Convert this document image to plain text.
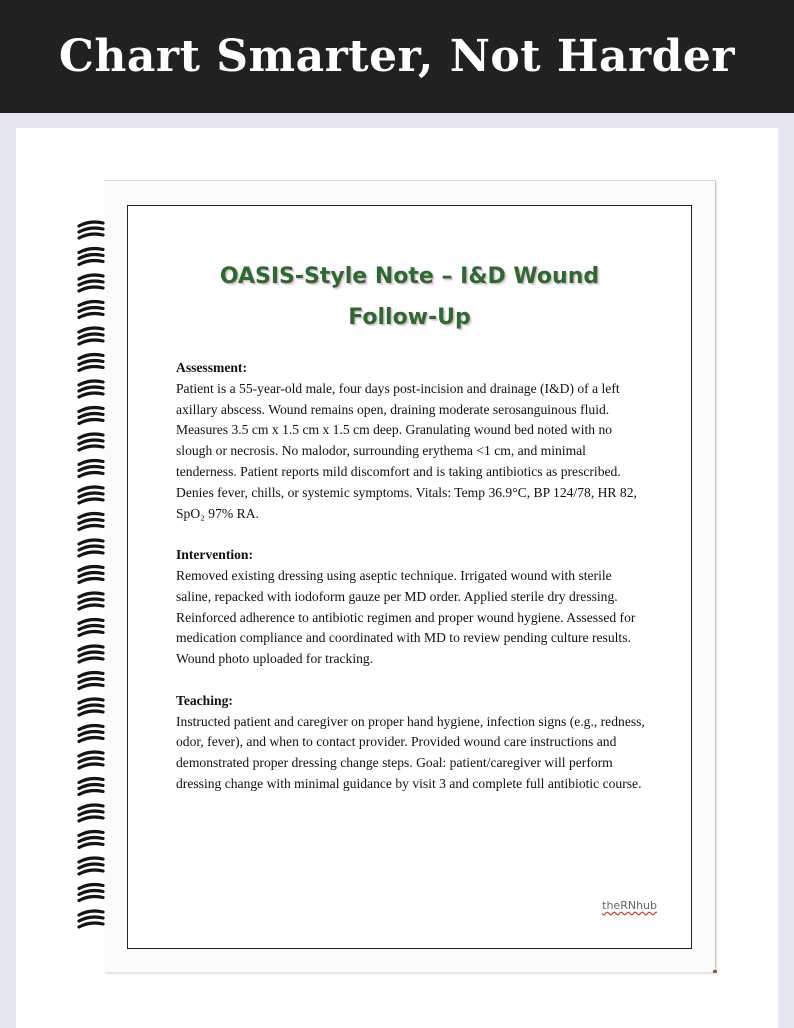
Chart Smarter, Not Harder
OASIS-Style Note – I&D Wound
Follow-Up
Assessment:
Patient is a 55-year-old male, four days post-incision and drainage (I&D) of a left axillary abscess. Wound remains open, draining moderate serosanguinous fluid. Measures 3.5 cm x 1.5 cm x 1.5 cm deep. Granulating wound bed noted with no slough or necrosis. No malodor, surrounding erythema <1 cm, and minimal tenderness. Patient reports mild discomfort and is taking antibiotics as prescribed. Denies fever, chills, or systemic symptoms. Vitals: Temp 36.9°C, BP 124/78, HR 82, SpO₂ 97% RA.
Intervention:
Removed existing dressing using aseptic technique. Irrigated wound with sterile saline, repacked with iodoform gauze per MD order. Applied sterile dry dressing. Reinforced adherence to antibiotic regimen and proper wound hygiene. Assessed for medication compliance and coordinated with MD to review pending culture results. Wound photo uploaded for tracking.
Teaching:
Instructed patient and caregiver on proper hand hygiene, infection signs (e.g., redness, odor, fever), and when to contact provider. Provided wound care instructions and demonstrated proper dressing change steps. Goal: patient/caregiver will perform dressing change with minimal guidance by visit 3 and complete full antibiotic course.
theRNhub
